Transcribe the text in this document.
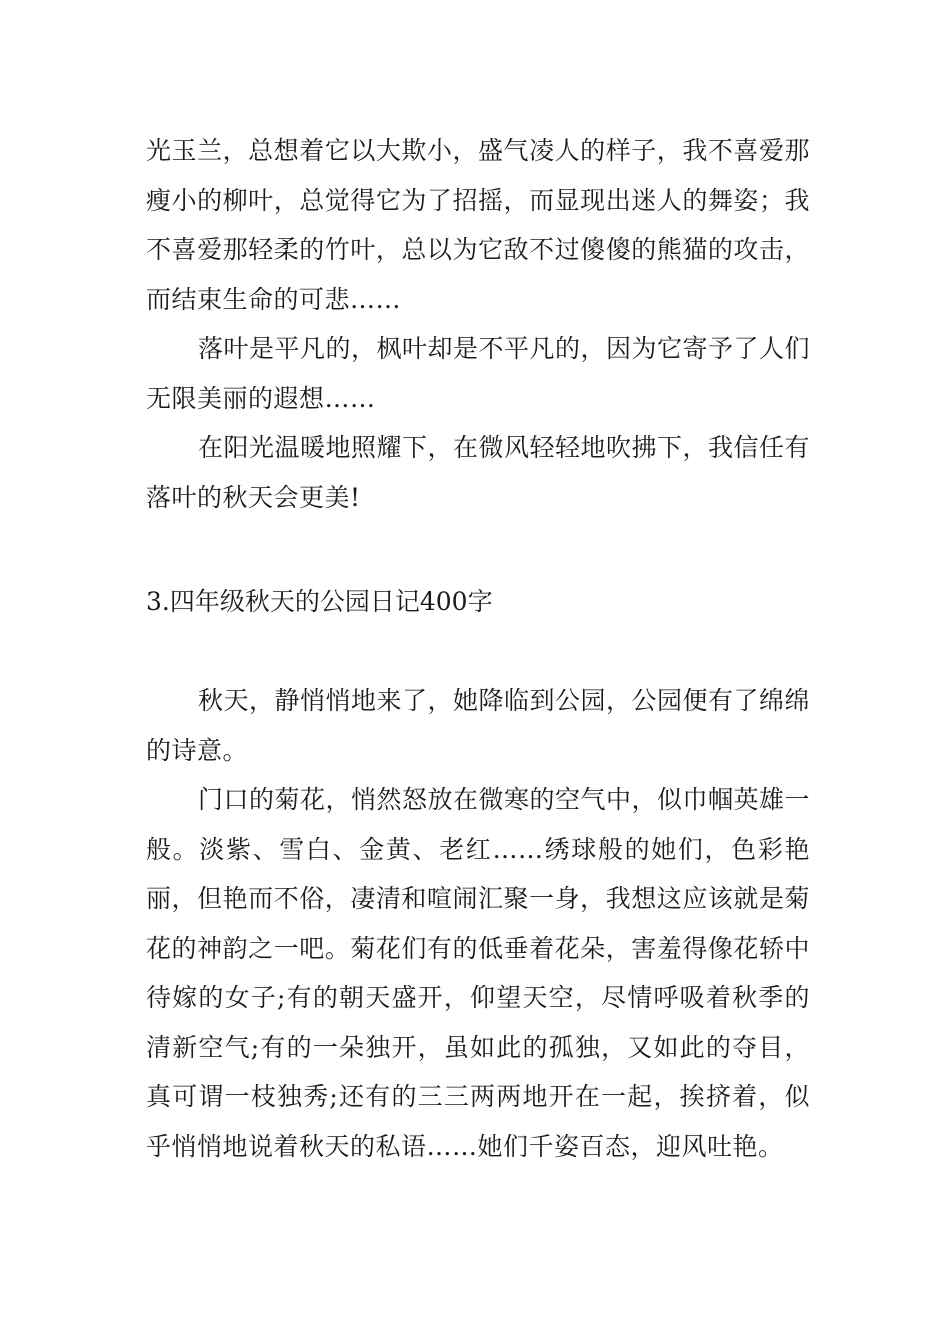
光玉兰，总想着它以大欺小，盛气凌人的样子，我不喜爱那瘦小的柳叶，总觉得它为了招摇，而显现出迷人的舞姿；我不喜爱那轻柔的竹叶，总以为它敌不过傻傻的熊猫的攻击，而结束生命的可悲……

落叶是平凡的，枫叶却是不平凡的，因为它寄予了人们无限美丽的遐想……

在阳光温暖地照耀下，在微风轻轻地吹拂下，我信任有落叶的秋天会更美!

3.四年级秋天的公园日记400字

秋天，静悄悄地来了，她降临到公园，公园便有了绵绵的诗意。

门口的菊花，悄然怒放在微寒的空气中，似巾帼英雄一般。淡紫、雪白、金黄、老红……绣球般的她们，色彩艳丽，但艳而不俗，凄清和喧闹汇聚一身，我想这应该就是菊花的神韵之一吧。菊花们有的低垂着花朵，害羞得像花轿中待嫁的女子;有的朝天盛开，仰望天空，尽情呼吸着秋季的清新空气;有的一朵独开，虽如此的孤独，又如此的夺目，真可谓一枝独秀;还有的三三两两地开在一起，挨挤着，似乎悄悄地说着秋天的私语……她们千姿百态，迎风吐艳。
